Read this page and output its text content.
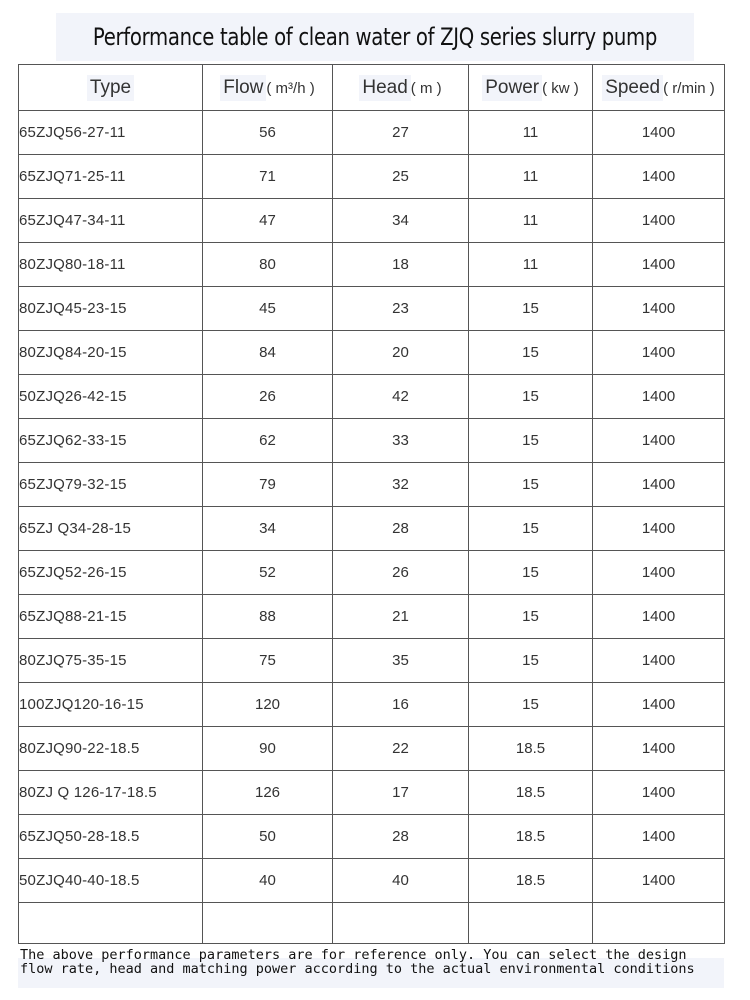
Performance table of clean water of ZJQ series slurry pump
Type	Flow ( m³/h )	Head ( m )	Power ( kw )	Speed ( r/min )
65ZJQ56-27-11	56	27	11	1400
65ZJQ71-25-11	71	25	11	1400
65ZJQ47-34-11	47	34	11	1400
80ZJQ80-18-11	80	18	11	1400
80ZJQ45-23-15	45	23	15	1400
80ZJQ84-20-15	84	20	15	1400
50ZJQ26-42-15	26	42	15	1400
65ZJQ62-33-15	62	33	15	1400
65ZJQ79-32-15	79	32	15	1400
65ZJ Q34-28-15	34	28	15	1400
65ZJQ52-26-15	52	26	15	1400
65ZJQ88-21-15	88	21	15	1400
80ZJQ75-35-15	75	35	15	1400
100ZJQ120-16-15	120	16	15	1400
80ZJQ90-22-18.5	90	22	18.5	1400
80ZJ Q 126-17-18.5	126	17	18.5	1400
65ZJQ50-28-18.5	50	28	18.5	1400
50ZJQ40-40-18.5	40	40	18.5	1400

The above performance parameters are for reference only. You can select the design flow rate, head and matching power according to the actual environmental conditions
